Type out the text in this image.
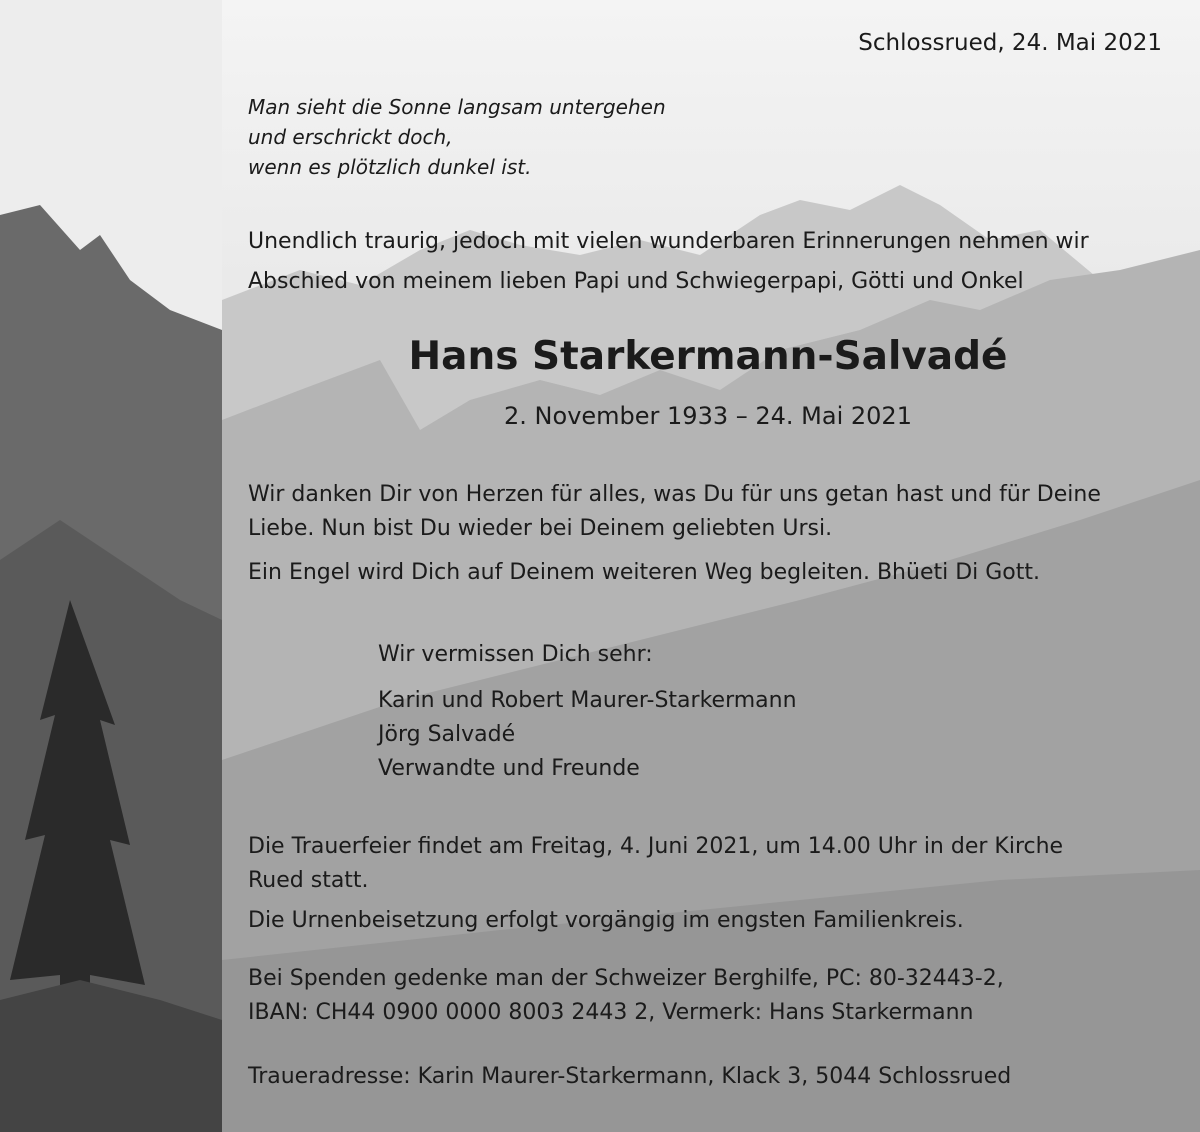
Schlossrued, 24. Mai 2021

Man sieht die Sonne langsam untergehen
und erschrickt doch,
wenn es plötzlich dunkel ist.
Unendlich traurig, jedoch mit vielen wunderbaren Erinnerungen nehmen wir
Abschied von meinem lieben Papi und Schwiegerpapi, Götti und Onkel
Hans Starkermann-Salvadé

2. November 1933 – 24. Mai 2021

Wir danken Dir von Herzen für alles, was Du für uns getan hast und für Deine
Liebe. Nun bist Du wieder bei Deinem geliebten Ursi.

Ein Engel wird Dich auf Deinem weiteren Weg begleiten. Bhüeti Di Gott.

Wir vermissen Dich sehr:

Karin und Robert Maurer-Starkermann
Jörg Salvadé
Verwandte und Freunde
Die Trauerfeier findet am Freitag, 4. Juni 2021, um 14.00 Uhr in der Kirche
Rued statt.

Die Urnenbeisetzung erfolgt vorgängig im engsten Familienkreis.

Bei Spenden gedenke man der Schweizer Berghilfe, PC: 80-32443-2,
IBAN: CH44 0900 0000 8003 2443 2, Vermerk: Hans Starkermann

Traueradresse: Karin Maurer-Starkermann, Klack 3, 5044 Schlossrued
